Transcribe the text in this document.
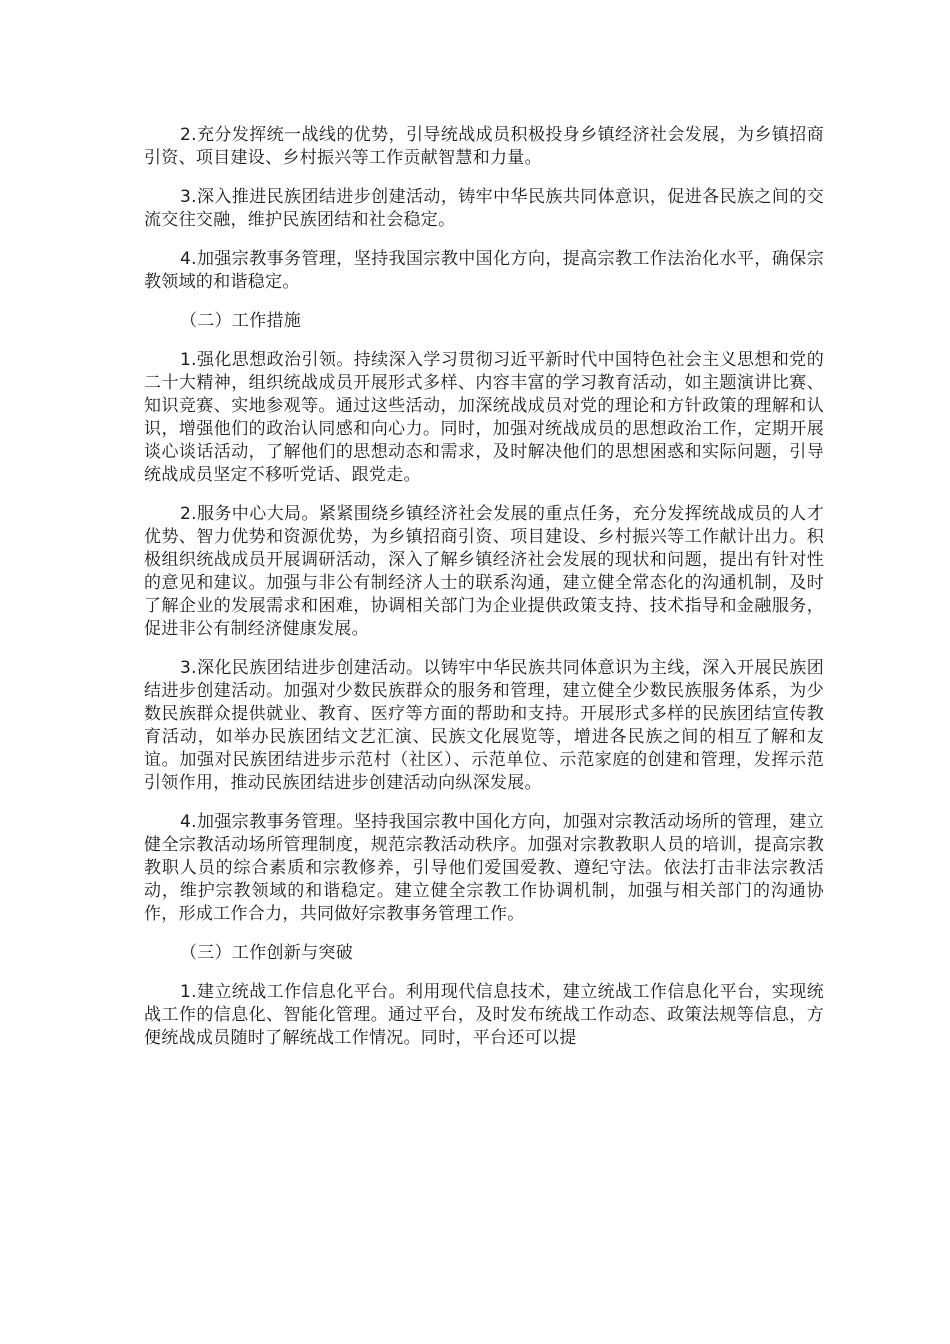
2.充分发挥统一战线的优势，引导统战成员积极投身乡镇经济社会发展，为乡镇招商引资、项目建设、乡村振兴等工作贡献智慧和力量。

3.深入推进民族团结进步创建活动，铸牢中华民族共同体意识，促进各民族之间的交流交往交融，维护民族团结和社会稳定。

4.加强宗教事务管理，坚持我国宗教中国化方向，提高宗教工作法治化水平，确保宗教领域的和谐稳定。

（二）工作措施

1.强化思想政治引领。持续深入学习贯彻习近平新时代中国特色社会主义思想和党的二十大精神，组织统战成员开展形式多样、内容丰富的学习教育活动，如主题演讲比赛、知识竞赛、实地参观等。通过这些活动，加深统战成员对党的理论和方针政策的理解和认识，增强他们的政治认同感和向心力。同时，加强对统战成员的思想政治工作，定期开展谈心谈话活动，了解他们的思想动态和需求，及时解决他们的思想困惑和实际问题，引导统战成员坚定不移听党话、跟党走。

2.服务中心大局。紧紧围绕乡镇经济社会发展的重点任务，充分发挥统战成员的人才优势、智力优势和资源优势，为乡镇招商引资、项目建设、乡村振兴等工作献计出力。积极组织统战成员开展调研活动，深入了解乡镇经济社会发展的现状和问题，提出有针对性的意见和建议。加强与非公有制经济人士的联系沟通，建立健全常态化的沟通机制，及时了解企业的发展需求和困难，协调相关部门为企业提供政策支持、技术指导和金融服务，促进非公有制经济健康发展。

3.深化民族团结进步创建活动。以铸牢中华民族共同体意识为主线，深入开展民族团结进步创建活动。加强对少数民族群众的服务和管理，建立健全少数民族服务体系，为少数民族群众提供就业、教育、医疗等方面的帮助和支持。开展形式多样的民族团结宣传教育活动，如举办民族团结文艺汇演、民族文化展览等，增进各民族之间的相互了解和友谊。加强对民族团结进步示范村（社区）、示范单位、示范家庭的创建和管理，发挥示范引领作用，推动民族团结进步创建活动向纵深发展。

4.加强宗教事务管理。坚持我国宗教中国化方向，加强对宗教活动场所的管理，建立健全宗教活动场所管理制度，规范宗教活动秩序。加强对宗教教职人员的培训，提高宗教教职人员的综合素质和宗教修养，引导他们爱国爱教、遵纪守法。依法打击非法宗教活动，维护宗教领域的和谐稳定。建立健全宗教工作协调机制，加强与相关部门的沟通协作，形成工作合力，共同做好宗教事务管理工作。

（三）工作创新与突破

1.建立统战工作信息化平台。利用现代信息技术，建立统战工作信息化平台，实现统战工作的信息化、智能化管理。通过平台，及时发布统战工作动态、政策法规等信息，方便统战成员随时了解统战工作情况。同时，平台还可以提
